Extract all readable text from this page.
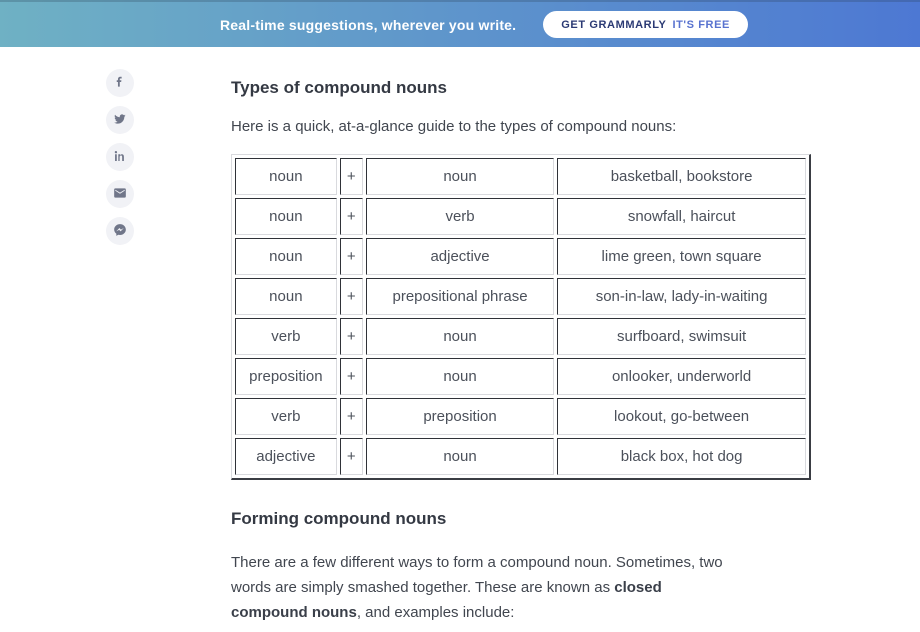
Real-time suggestions, wherever you write.	GET GRAMMARLY IT'S FREE
Types of compound nouns

Here is a quick, at-a-glance guide to the types of compound nouns:

noun	+	noun	basketball, bookstore
noun	+	verb	snowfall, haircut
noun	+	adjective	lime green, town square
noun	+	prepositional phrase	son-in-law, lady-in-waiting
verb	+	noun	surfboard, swimsuit
preposition	+	noun	onlooker, underworld
verb	+	preposition	lookout, go-between
adjective	+	noun	black box, hot dog
Forming compound nouns

There are a few different ways to form a compound noun. Sometimes, two words are simply smashed together. These are known as closed compound nouns, and examples include:
